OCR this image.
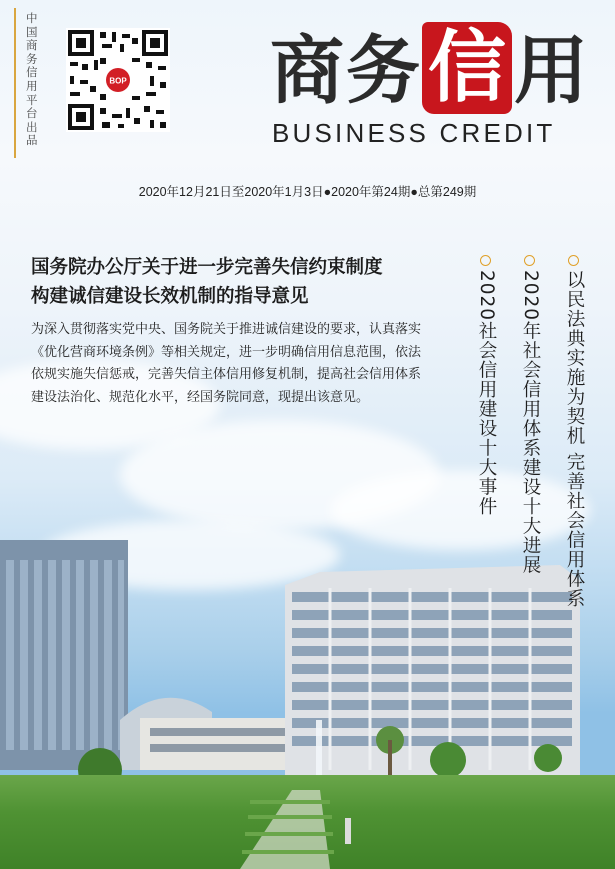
中国商务信用平台出品
BOP 商 务 信 用
BUSINESS CREDIT
2020年12月21日至2020年1月3日●2020年第24期●总第249期
国务院办公厅关于进一步完善失信约束制度
构建诚信建设长效机制的指导意见
为深入贯彻落实党中央、国务院关于推进诚信建设的要求，认真落实《优化营商环境条例》等相关规定，进一步明确信用信息范围，依法依规实施失信惩戒，完善失信主体信用修复机制，提高社会信用体系建设法治化、规范化水平，经国务院同意，现提出该意见。	以民法典实施为契机 完善社会信用体系
2020年社会信用体系建设十大进展
2020社会信用建设十大事件
